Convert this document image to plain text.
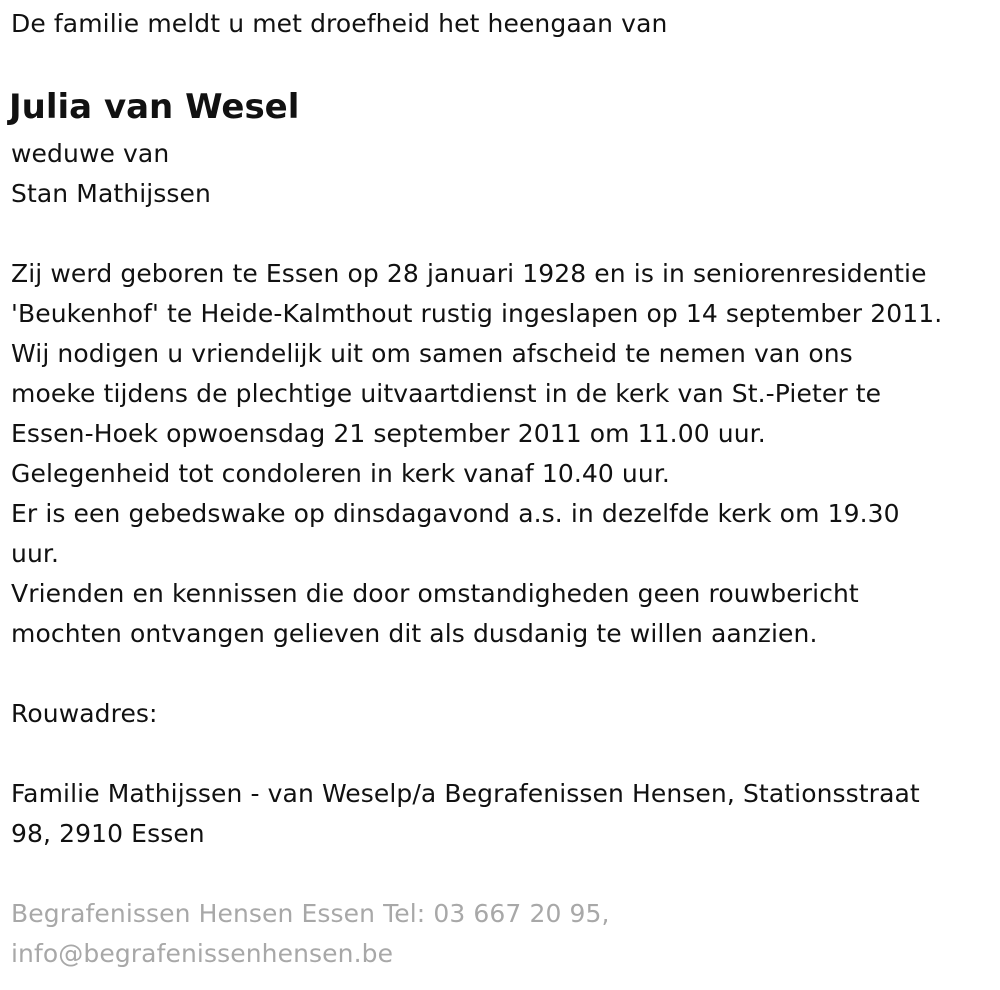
De familie meldt u met droefheid het heengaan van
Julia van Wesel
weduwe van
Stan Mathijssen
Zij werd geboren te Essen op 28 januari 1928 en is in seniorenresidentie
'Beukenhof' te Heide-Kalmthout rustig ingeslapen op 14 september 2011.
Wij nodigen u vriendelijk uit om samen afscheid te nemen van ons
moeke tijdens de plechtige uitvaartdienst in de kerk van St.-Pieter te
Essen-Hoek opwoensdag 21 september 2011 om 11.00 uur.
Gelegenheid tot condoleren in kerk vanaf 10.40 uur.
Er is een gebedswake op dinsdagavond a.s. in dezelfde kerk om 19.30
uur.
Vrienden en kennissen die door omstandigheden geen rouwbericht
mochten ontvangen gelieven dit als dusdanig te willen aanzien.
Rouwadres:
Familie Mathijssen - van Weselp/a Begrafenissen Hensen, Stationsstraat
98, 2910 Essen
Begrafenissen Hensen Essen Tel: 03 667 20 95,
info@begrafenissenhensen.be
